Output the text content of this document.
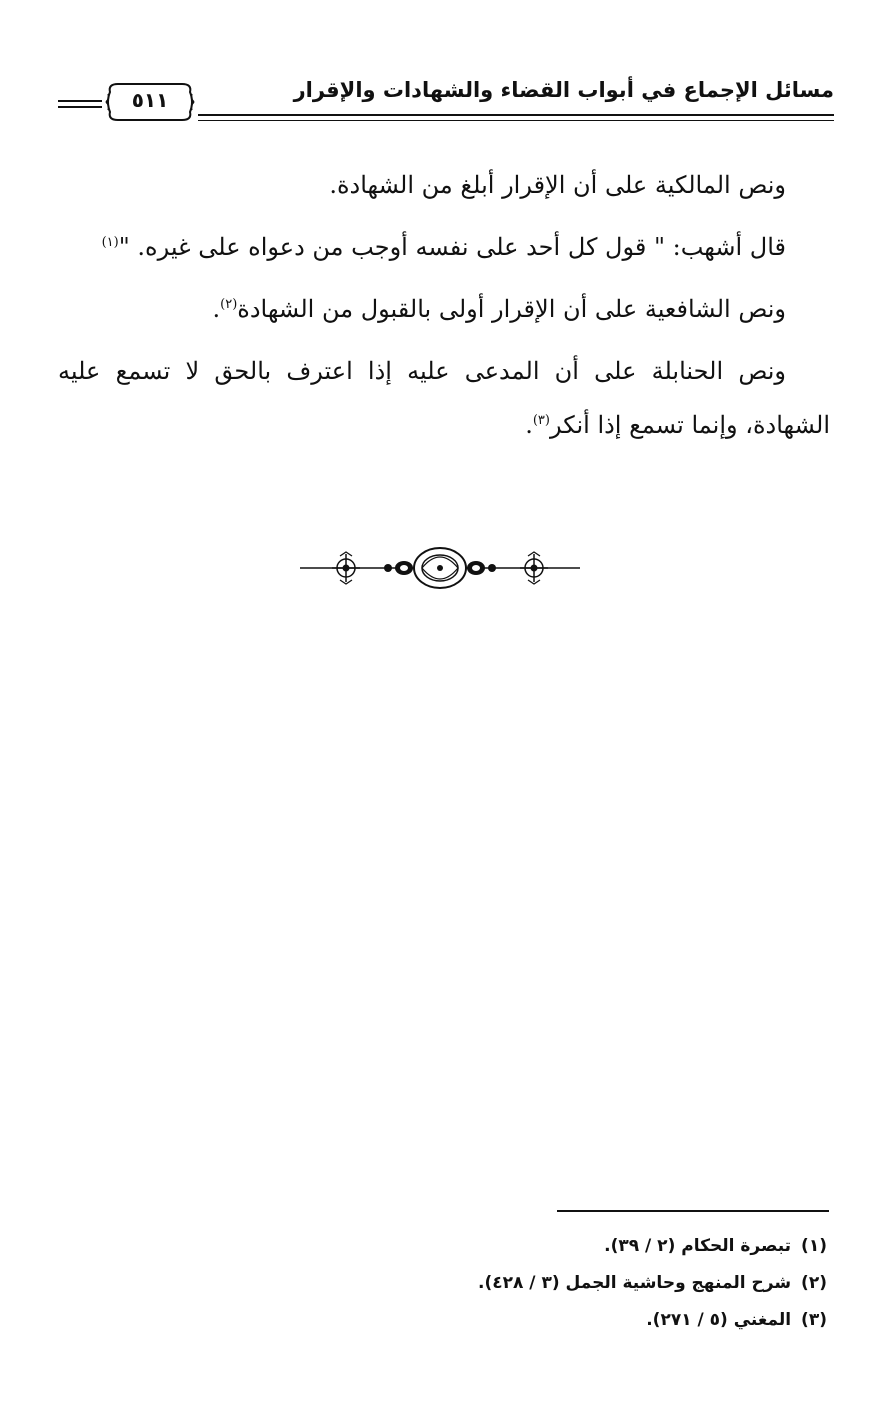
مسائل الإجماع في أبواب القضاء والشهادات والإقرار
٥١١

ونص المالكية على أن الإقرار أبلغ من الشهادة.

قال أشهب: " قول كل أحد على نفسه أوجب من دعواه على غيره. "$^{(١)}$

ونص الشافعية على أن الإقرار أولى بالقبول من الشهادة$^{(٢)}$.

ونص الحنابلة على أن المدعى عليه إذا اعترف بالحق لا تسمع عليه الشهادة، وإنما تسمع إذا أنكر$^{(٣)}$.

(١)تبصرة الحكام (٢ / ٣٩).
(٢)شرح المنهج وحاشية الجمل (٣ / ٤٢٨).
(٣)المغني (٥ / ٢٧١).
